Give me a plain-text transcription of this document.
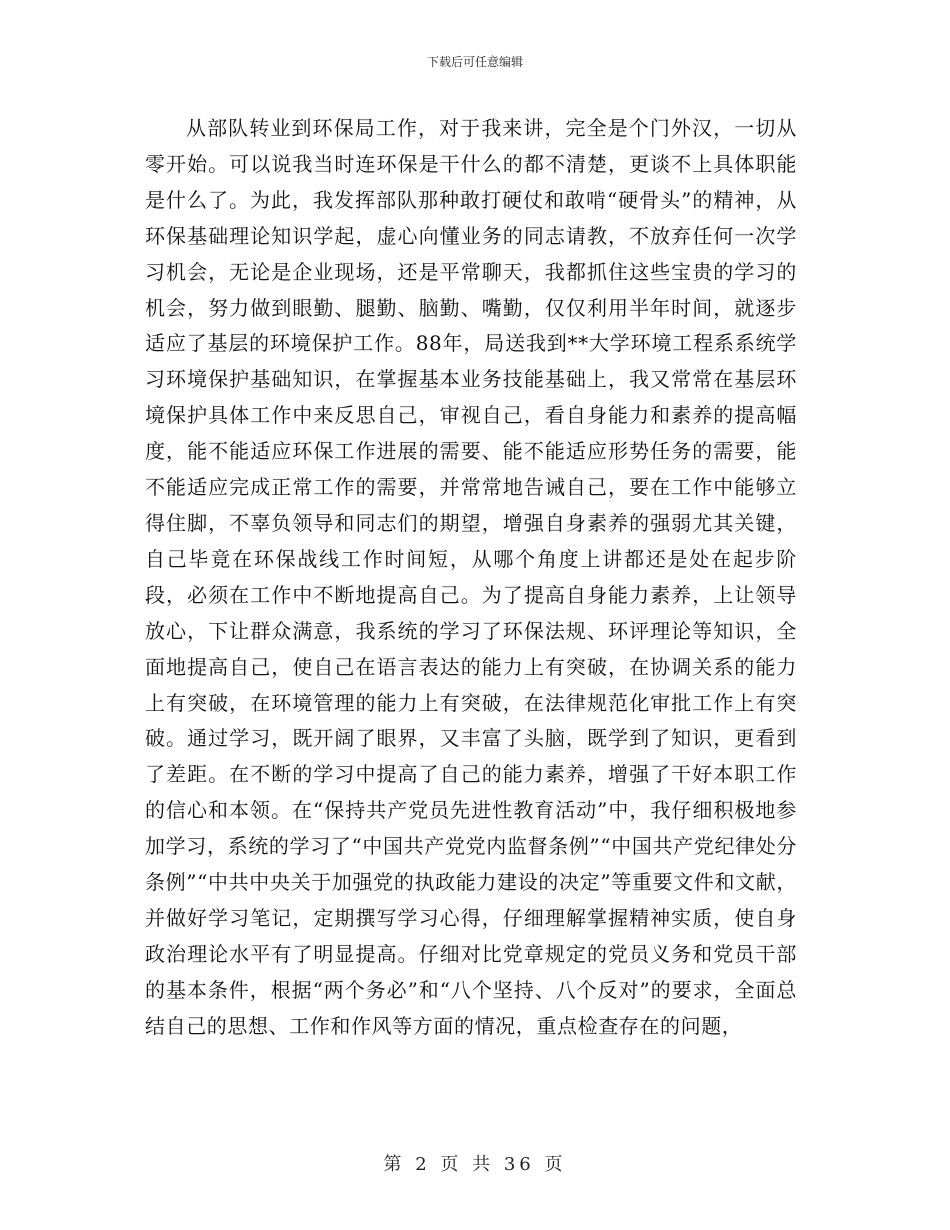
下载后可任意编辑

从部队转业到环保局工作，对于我来讲，完全是个门外汉，一切从零开始。可以说我当时连环保是干什么的都不清楚，更谈不上具体职能是什么了。为此，我发挥部队那种敢打硬仗和敢啃“硬骨头”的精神，从环保基础理论知识学起，虚心向懂业务的同志请教，不放弃任何一次学习机会，无论是企业现场，还是平常聊天，我都抓住这些宝贵的学习的机会，努力做到眼勤、腿勤、脑勤、嘴勤，仅仅利用半年时间，就逐步适应了基层的环境保护工作。88年，局送我到**大学环境工程系系统学习环境保护基础知识，在掌握基本业务技能基础上，我又常常在基层环境保护具体工作中来反思自己，审视自己，看自身能力和素养的提高幅度，能不能适应环保工作进展的需要、能不能适应形势任务的需要，能不能适应完成正常工作的需要，并常常地告诫自己，要在工作中能够立得住脚，不辜负领导和同志们的期望，增强自身素养的强弱尤其关键，自己毕竟在环保战线工作时间短，从哪个角度上讲都还是处在起步阶段，必须在工作中不断地提高自己。为了提高自身能力素养，上让领导放心，下让群众满意，我系统的学习了环保法规、环评理论等知识，全面地提高自己，使自己在语言表达的能力上有突破，在协调关系的能力上有突破，在环境管理的能力上有突破，在法律规范化审批工作上有突破。通过学习，既开阔了眼界，又丰富了头脑，既学到了知识，更看到了差距。在不断的学习中提高了自己的能力素养，增强了干好本职工作的信心和本领。在“保持共产党员先进性教育活动”中，我仔细积极地参加学习，系统的学习了“中国共产党党内监督条例”“中国共产党纪律处分条例”“中共中央关于加强党的执政能力建设的决定”等重要文件和文献，并做好学习笔记，定期撰写学习心得，仔细理解掌握精神实质，使自身政治理论水平有了明显提高。仔细对比党章规定的党员义务和党员干部的基本条件，根据“两个务必”和“八个坚持、八个反对”的要求，全面总结自己的思想、工作和作风等方面的情况，重点检查存在的问题，

第 2 页 共 36 页
